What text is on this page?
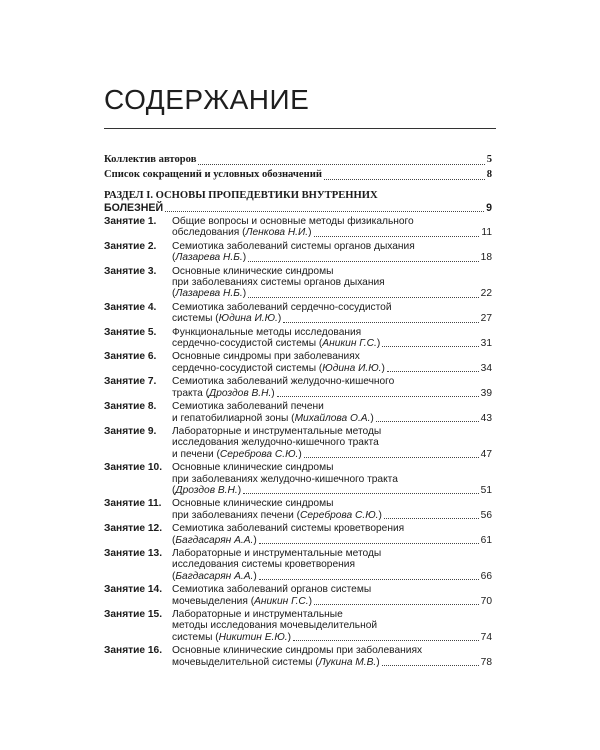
СОДЕРЖАНИЕ
Коллектив авторов	5
Список сокращений и условных обозначений	8
РАЗДЕЛ I. ОСНОВЫ ПРОПЕДЕВТИКИ ВНУТРЕННИХ
БОЛЕЗНЕЙ	9
Занятие 1.	Общие вопросы и основные методы физикального
обследования (Ленкова Н.И.)	11
Занятие 2.	Семиотика заболеваний системы органов дыхания
(Лазарева Н.Б.)	18
Занятие 3.	Основные клинические синдромы
при заболеваниях системы органов дыхания
(Лазарева Н.Б.)	22
Занятие 4.	Семиотика заболеваний сердечно-сосудистой
системы (Юдина И.Ю.)	27
Занятие 5.	Функциональные методы исследования
сердечно-сосудистой системы (Аникин Г.С.)	31
Занятие 6.	Основные синдромы при заболеваниях
сердечно-сосудистой системы (Юдина И.Ю.)	34
Занятие 7.	Семиотика заболеваний желудочно-кишечного
тракта (Дроздов В.Н.)	39
Занятие 8.	Семиотика заболеваний печени
и гепатобилиарной зоны (Михайлова О.А.)	43
Занятие 9.	Лабораторные и инструментальные методы
исследования желудочно-кишечного тракта
и печени (Сереброва С.Ю.)	47
Занятие 10. Основные клинические синдромы
при заболеваниях желудочно-кишечного тракта
(Дроздов В.Н.)	51
Занятие 11.	Основные клинические синдромы
при заболеваниях печени (Сереброва С.Ю.)	56
Занятие 12. Семиотика заболеваний системы кроветворения
(Багдасарян А.А.)	61
Занятие 13. Лабораторные и инструментальные методы
исследования системы кроветворения
(Багдасарян А.А.)	66
Занятие 14. Семиотика заболеваний органов системы
мочевыделения (Аникин Г.С.)	70
Занятие 15. Лабораторные и инструментальные
методы исследования мочевыделительной
системы (Никитин Е.Ю.)	74
Занятие 16. Основные клинические синдромы при заболеваниях
мочевыделительной системы (Лукина М.В.)	78
